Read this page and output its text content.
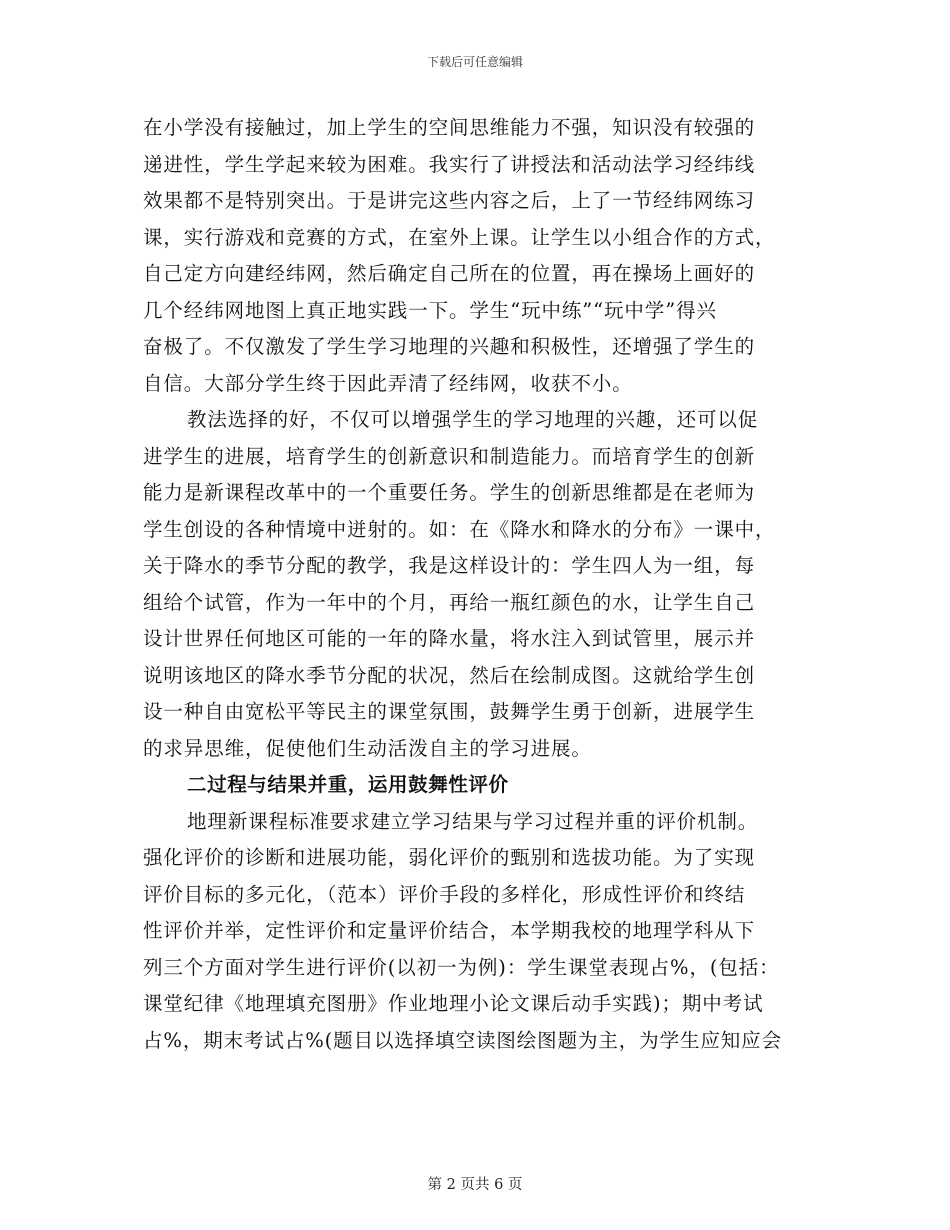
下载后可任意编辑
在小学没有接触过，加上学生的空间思维能力不强，知识没有较强的
递进性，学生学起来较为困难。我实行了讲授法和活动法学习经纬线
效果都不是特别突出。于是讲完这些内容之后，上了一节经纬网练习
课，实行游戏和竞赛的方式，在室外上课。让学生以小组合作的方式，
自己定方向建经纬网，然后确定自己所在的位置，再在操场上画好的
几个经纬网地图上真正地实践一下。学生“玩中练”“玩中学”得兴
奋极了。不仅激发了学生学习地理的兴趣和积极性，还增强了学生的
自信。大部分学生终于因此弄清了经纬网，收获不小。
教法选择的好，不仅可以增强学生的学习地理的兴趣，还可以促
进学生的进展，培育学生的创新意识和制造能力。而培育学生的创新
能力是新课程改革中的一个重要任务。学生的创新思维都是在老师为
学生创设的各种情境中迸射的。如：在《降水和降水的分布》一课中，
关于降水的季节分配的教学，我是这样设计的：学生四人为一组，每
组给个试管，作为一年中的个月，再给一瓶红颜色的水，让学生自己
设计世界任何地区可能的一年的降水量，将水注入到试管里，展示并
说明该地区的降水季节分配的状况，然后在绘制成图。这就给学生创
设一种自由宽松平等民主的课堂氛围，鼓舞学生勇于创新，进展学生
的求异思维，促使他们生动活泼自主的学习进展。
二过程与结果并重，运用鼓舞性评价
地理新课程标准要求建立学习结果与学习过程并重的评价机制。
强化评价的诊断和进展功能，弱化评价的甄别和选拔功能。为了实现
评价目标的多元化，（范本）评价手段的多样化，形成性评价和终结
性评价并举，定性评价和定量评价结合，本学期我校的地理学科从下
列三个方面对学生进行评价(以初一为例)：学生课堂表现占%，(包括：
课堂纪律《地理填充图册》作业地理小论文课后动手实践)；期中考试
占%，期末考试占%(题目以选择填空读图绘图题为主，为学生应知应会
第 2 页共 6 页
